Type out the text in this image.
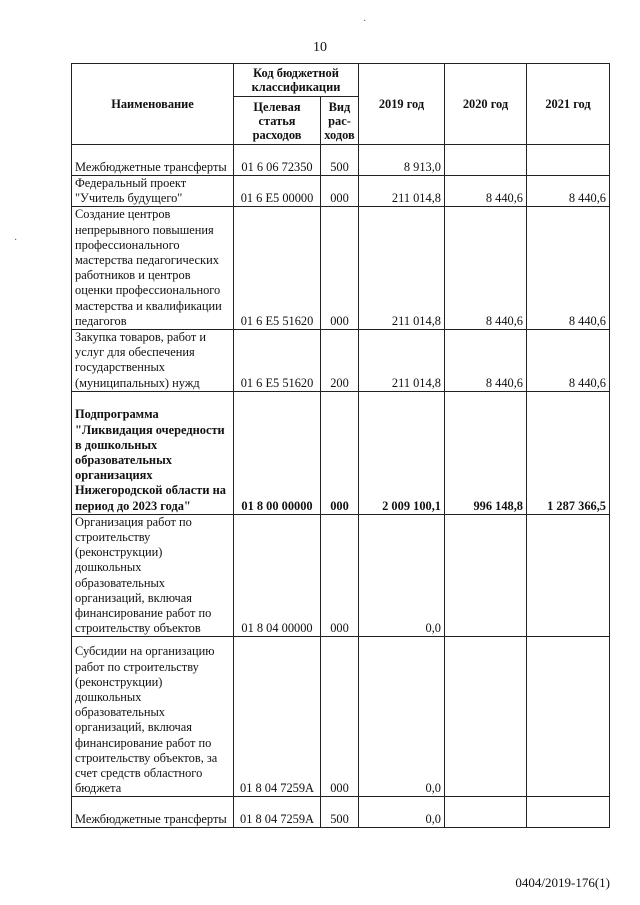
10
·
·
Наименование	Код бюджетной классификации		2019 год	2020 год	2021 год
	Целевая статья расходов	Вид рас-ходов			
Межбюджетные трансферты	01 6 06 72350	500	8 913,0		
Федеральный проект "Учитель будущего"	01 6 E5 00000	000	211 014,8	8 440,6	8 440,6
Создание центров непрерывного повышения профессионального мастерства педагогических работников и центров оценки профессионального мастерства и квалификации педагогов	01 6 E5 51620	000	211 014,8	8 440,6	8 440,6
Закупка товаров, работ и услуг для обеспечения государственных (муниципальных) нужд	01 6 E5 51620	200	211 014,8	8 440,6	8 440,6
Подпрограмма "Ликвидация очередности в дошкольных образовательных организациях Нижегородской области на период до 2023 года"	01 8 00 00000	000	2 009 100,1	996 148,8	1 287 366,5
Организация работ по строительству (реконструкции) дошкольных образовательных организаций, включая финансирование работ по строительству объектов	01 8 04 00000	000	0,0		
Субсидии на организацию работ по строительству (реконструкции) дошкольных образовательных организаций, включая финансирование работ по строительству объектов, за счет средств областного бюджета	01 8 04 7259A	000	0,0		
Межбюджетные трансферты	01 8 04 7259A	500	0,0		
0404/2019-176(1)
